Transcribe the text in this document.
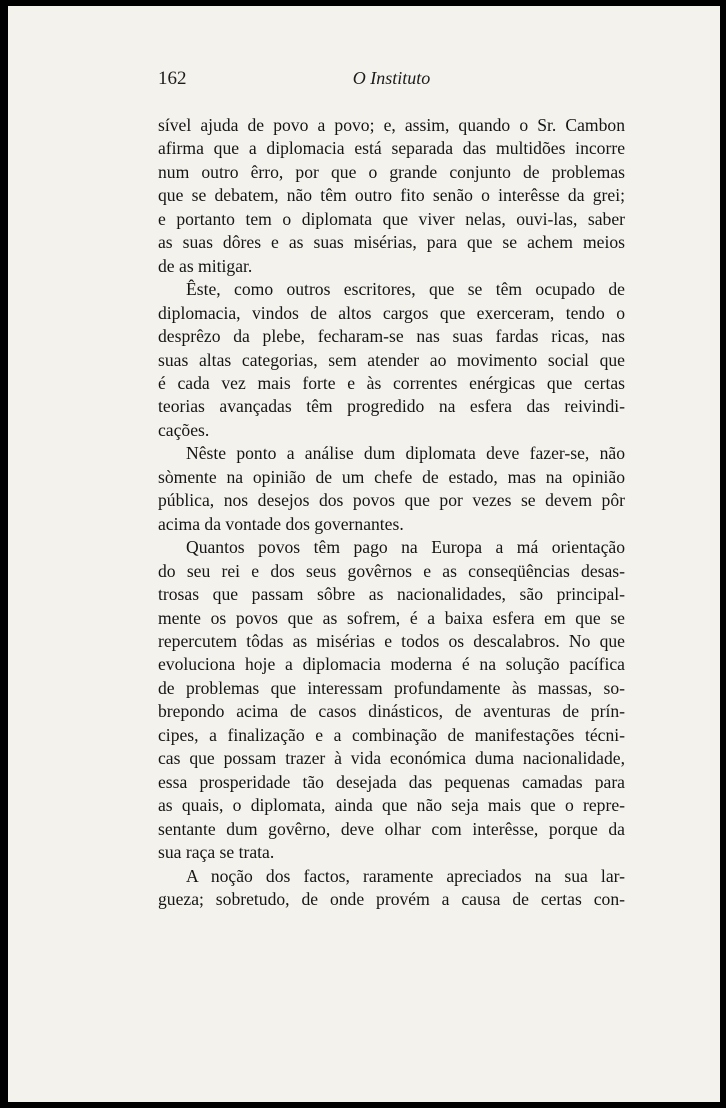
162	O Instituto
sível ajuda de povo a povo; e, assim, quando o Sr. Cambon
afirma que a diplomacia está separada das multidões incorre
num outro êrro, por que o grande conjunto de problemas
que se debatem, não têm outro fito senão o interêsse da grei;
e portanto tem o diplomata que viver nelas, ouvi-las, saber
as suas dôres e as suas misérias, para que se achem meios
de as mitigar.
Êste, como outros escritores, que se têm ocupado de
diplomacia, vindos de altos cargos que exerceram, tendo o
desprêzo da plebe, fecharam-se nas suas fardas ricas, nas
suas altas categorias, sem atender ao movimento social que
é cada vez mais forte e às correntes enérgicas que certas
teorias avançadas têm progredido na esfera das reivindi-
cações.
Nêste ponto a análise dum diplomata deve fazer-se, não
sòmente na opinião de um chefe de estado, mas na opinião
pública, nos desejos dos povos que por vezes se devem pôr
acima da vontade dos governantes.
Quantos povos têm pago na Europa a má orientação
do seu rei e dos seus govêrnos e as conseqüências desas-
trosas que passam sôbre as nacionalidades, são principal-
mente os povos que as sofrem, é a baixa esfera em que se
repercutem tôdas as misérias e todos os descalabros. No que
evoluciona hoje a diplomacia moderna é na solução pacífica
de problemas que interessam profundamente às massas, so-
brepondo acima de casos dinásticos, de aventuras de prín-
cipes, a finalização e a combinação de manifestações técni-
cas que possam trazer à vida económica duma nacionalidade,
essa prosperidade tão desejada das pequenas camadas para
as quais, o diplomata, ainda que não seja mais que o repre-
sentante dum govêrno, deve olhar com interêsse, porque da
sua raça se trata.
A noção dos factos, raramente apreciados na sua lar-
gueza; sobretudo, de onde provém a causa de certas con-
